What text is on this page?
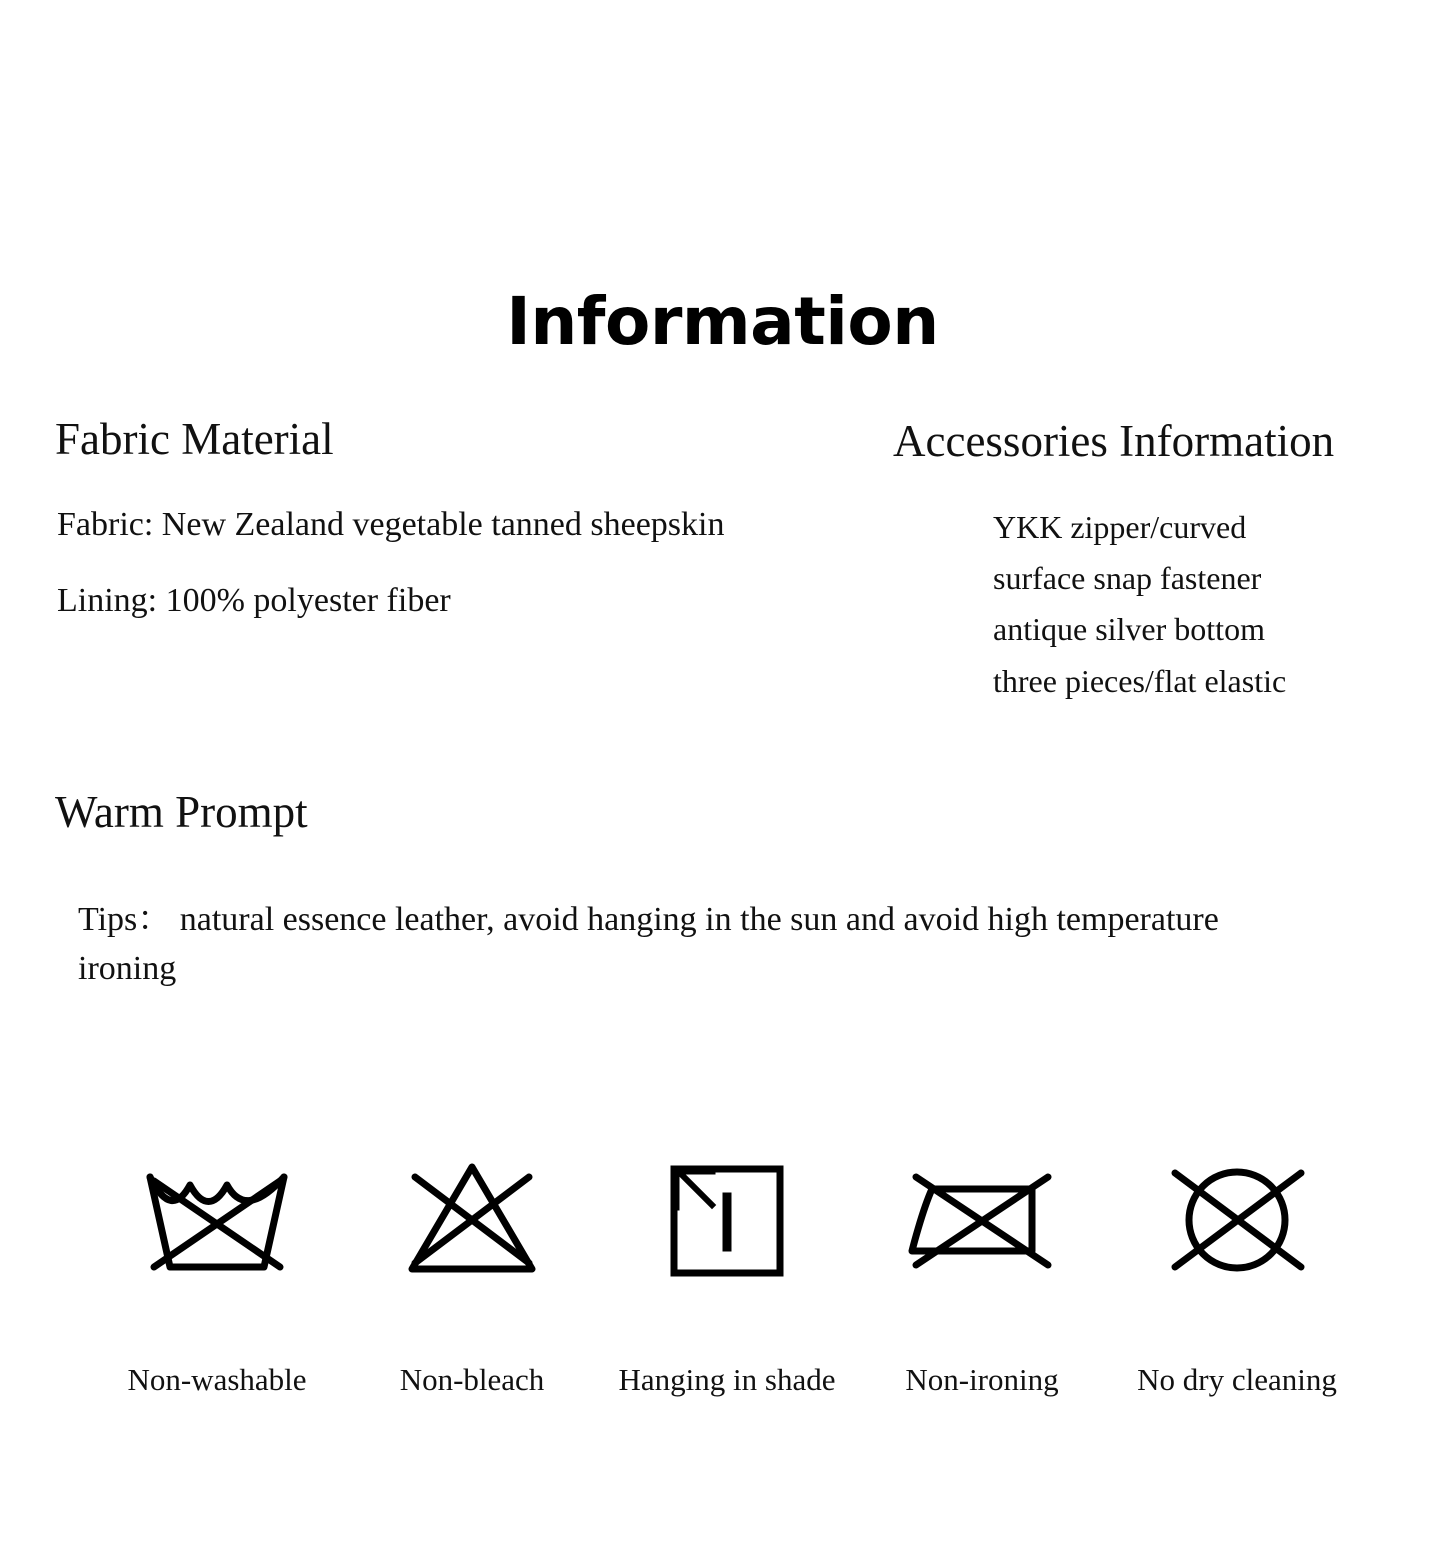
Information
Fabric Material
Fabric: New Zealand vegetable tanned sheepskin
Lining: 100% polyester fiber
Accessories Information
YKK zipper/curved
surface snap fastener
antique silver bottom
three pieces/flat elastic
Warm Prompt
Tips： natural essence leather, avoid hanging in the sun and avoid high temperature ironing
Non-washable	Non-bleach Hanging in shade Non-ironing	No dry cleaning
